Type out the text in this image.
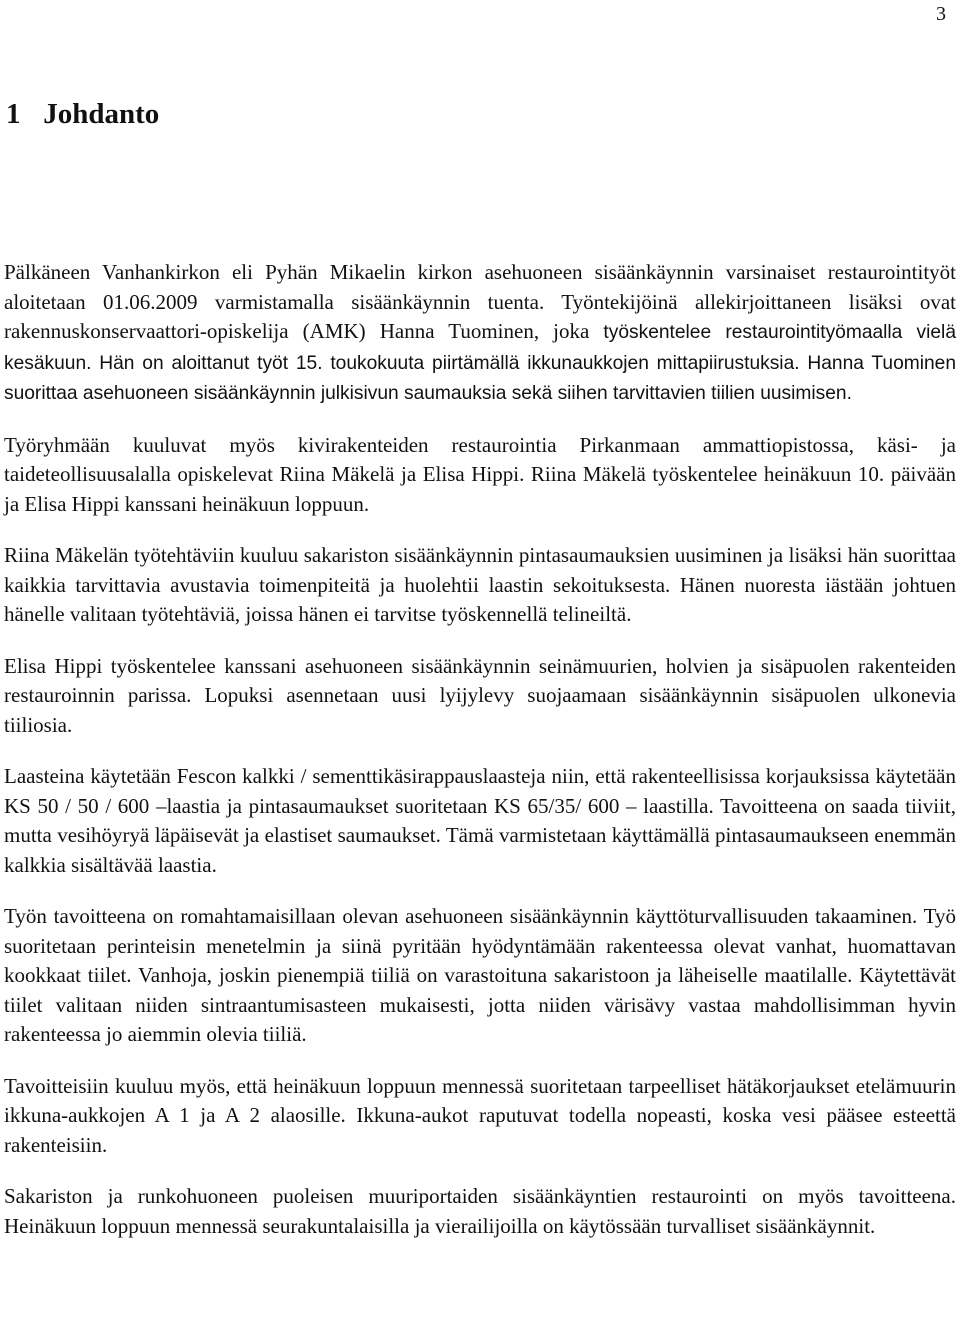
3
1 Johdanto

Pälkäneen Vanhankirkon eli Pyhän Mikaelin kirkon asehuoneen sisäänkäynnin varsinaiset restaurointityöt aloitetaan 01.06.2009 varmistamalla sisäänkäynnin tuenta. Työntekijöinä allekirjoittaneen lisäksi ovat rakennuskonservaattori-opiskelija (AMK) Hanna Tuominen, joka työskentelee restaurointityömaalla vielä kesäkuun. Hän on aloittanut työt 15. toukokuuta piirtämällä ikkunaukkojen mittapiirustuksia. Hanna Tuominen suorittaa asehuoneen sisäänkäynnin julkisivun saumauksia sekä siihen tarvittavien tiilien uusimisen.

Työryhmään kuuluvat myös kivirakenteiden restaurointia Pirkanmaan ammattiopistossa, käsi- ja taideteollisuusalalla opiskelevat Riina Mäkelä ja Elisa Hippi. Riina Mäkelä työskentelee heinäkuun 10. päivään ja Elisa Hippi kanssani heinäkuun loppuun.

Riina Mäkelän työtehtäviin kuuluu sakariston sisäänkäynnin pintasaumauksien uusiminen ja lisäksi hän suorittaa kaikkia tarvittavia avustavia toimenpiteitä ja huolehtii laastin sekoituksesta. Hänen nuoresta iästään johtuen hänelle valitaan työtehtäviä, joissa hänen ei tarvitse työskennellä telineiltä.

Elisa Hippi työskentelee kanssani asehuoneen sisäänkäynnin seinämuurien, holvien ja sisäpuolen rakenteiden restauroinnin parissa. Lopuksi asennetaan uusi lyijylevy suojaamaan sisäänkäynnin sisäpuolen ulkonevia tiiliosia.

Laasteina käytetään Fescon kalkki / sementtikäsirappauslaasteja niin, että rakenteellisissa korjauksissa käytetään KS 50 / 50 / 600 –laastia ja pintasaumaukset suoritetaan KS 65/35/ 600 – laastilla. Tavoitteena on saada tiiviit, mutta vesihöyryä läpäisevät ja elastiset saumaukset. Tämä varmistetaan käyttämällä pintasaumaukseen enemmän kalkkia sisältävää laastia.

Työn tavoitteena on romahtamaisillaan olevan asehuoneen sisäänkäynnin käyttöturvallisuuden takaaminen. Työ suoritetaan perinteisin menetelmin ja siinä pyritään hyödyntämään rakenteessa olevat vanhat, huomattavan kookkaat tiilet. Vanhoja, joskin pienempiä tiiliä on varastoituna sakaristoon ja läheiselle maatilalle. Käytettävät tiilet valitaan niiden sintraantumisasteen mukaisesti, jotta niiden värisävy vastaa mahdollisimman hyvin rakenteessa jo aiemmin olevia tiiliä.

Tavoitteisiin kuuluu myös, että heinäkuun loppuun mennessä suoritetaan tarpeelliset hätäkorjaukset etelämuurin ikkuna-aukkojen A 1 ja A 2 alaosille. Ikkuna-aukot raputuvat todella nopeasti, koska vesi pääsee esteettä rakenteisiin.

Sakariston ja runkohuoneen puoleisen muuriportaiden sisäänkäyntien restaurointi on myös tavoitteena. Heinäkuun loppuun mennessä seurakuntalaisilla ja vierailijoilla on käytössään turvalliset sisäänkäynnit.
